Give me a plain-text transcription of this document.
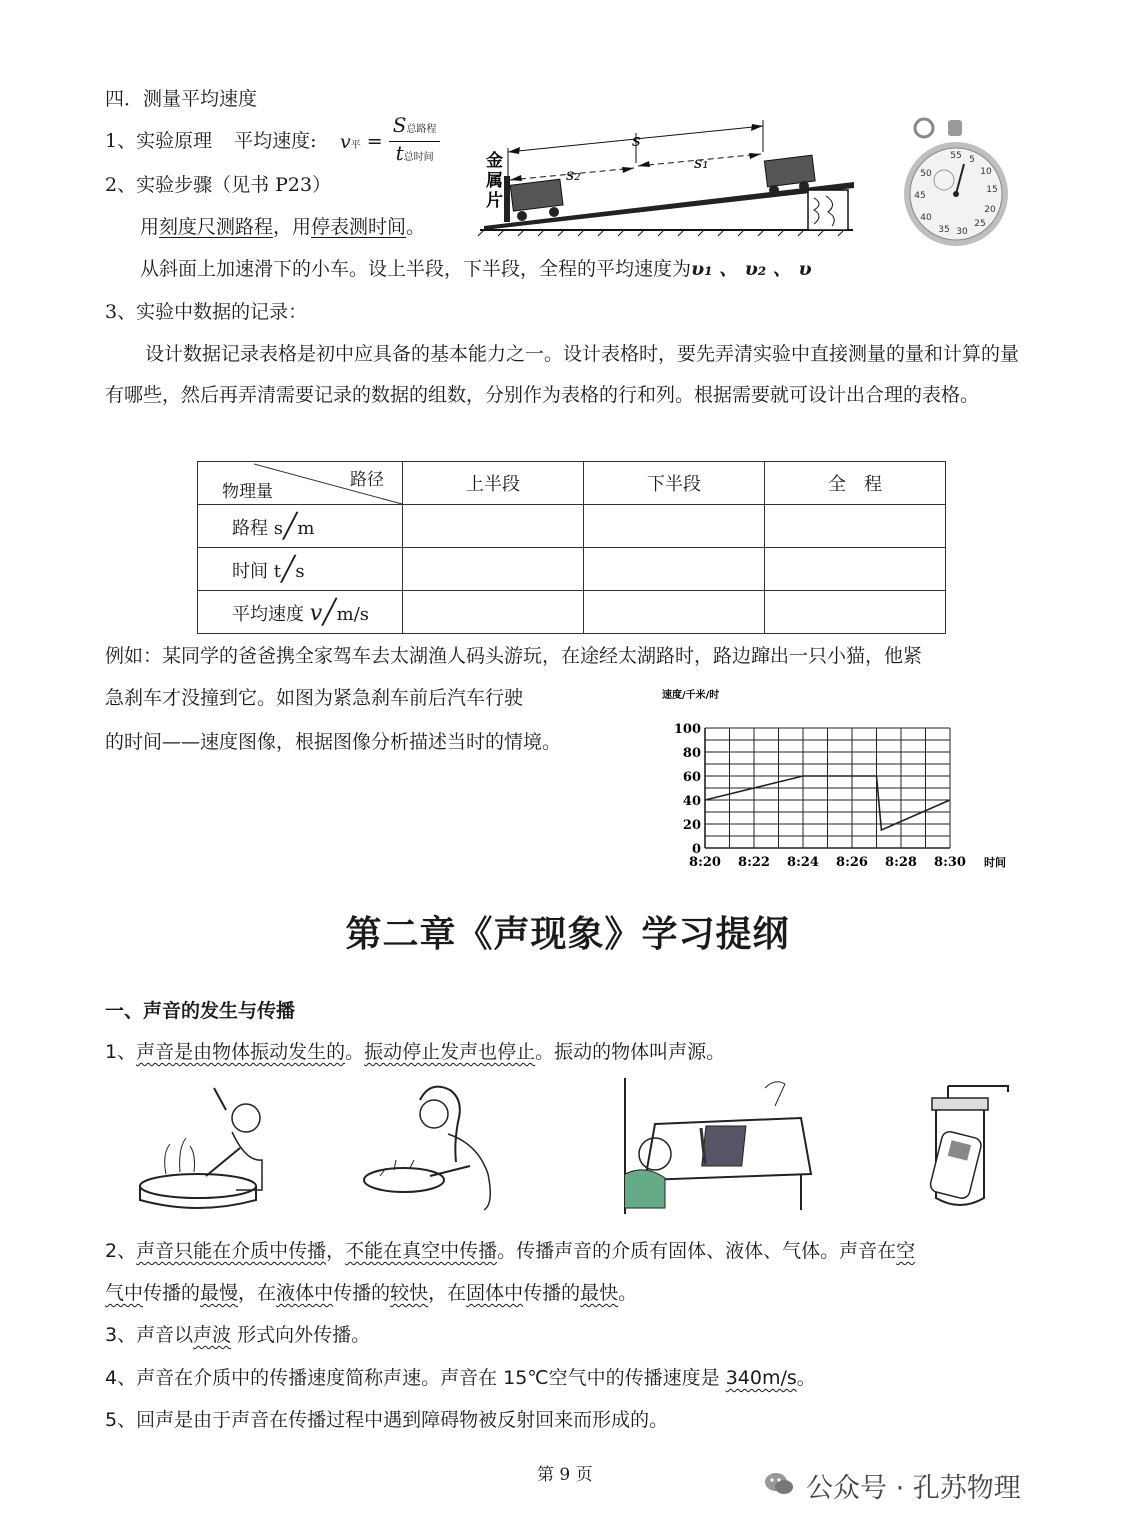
四．测量平均速度
1、实验原理 平均速度: v平 = $\frac{\text{S总路程}}{\text{t总时间}}$
2、实验步骤（见书 P23）
用刻度尺测路程，用停表测时间。
从斜面上加速滑下的小车。设上半段，下半段，全程的平均速度为υ₁ 、 υ₂ 、 υ
3、实验中数据的记录：
设计数据记录表格是初中应具备的基本能力之一。设计表格时，要先弄清实验中直接测量的量和计算的量有哪些，然后再弄清需要记录的数据的组数，分别作为表格的行和列。根据需要就可设计出合理的表格。
金
属
片
s
s₂
s₁	55 5
10
15
20
25
30
35
40
45
50
路径
物理量	上半段	下半段	全　程
路程 s╱m			
时间 t╱s			
平均速度 v╱m/s			
例如：某同学的爸爸携全家驾车去太湖渔人码头游玩，在途经太湖路时，路边蹿出一只小猫，他紧
急刹车才没撞到它。如图为紧急刹车前后汽车行驶
的时间——速度图像，根据图像分析描述当时的情境。
速度/千米/时
0
20
40
60
80
100
8:20 8:22 8:24 8:26 8:28 8:30 时间
第二章《声现象》学习提纲
一、声音的发生与传播
1、声音是由物体振动发生的。振动停止发声也停止。振动的物体叫声源。
2、声音只能在介质中传播，不能在真空中传播。传播声音的介质有固体、液体、气体。声音在空
气中传播的最慢，在液体中传播的较快，在固体中传播的最快。
3、声音以声波 形式向外传播。
4、声音在介质中的传播速度简称声速。声音在 15℃空气中的传播速度是 340m/s。
5、回声是由于声音在传播过程中遇到障碍物被反射回来而形成的。
第 9 页	公众号 · 孔苏物理
